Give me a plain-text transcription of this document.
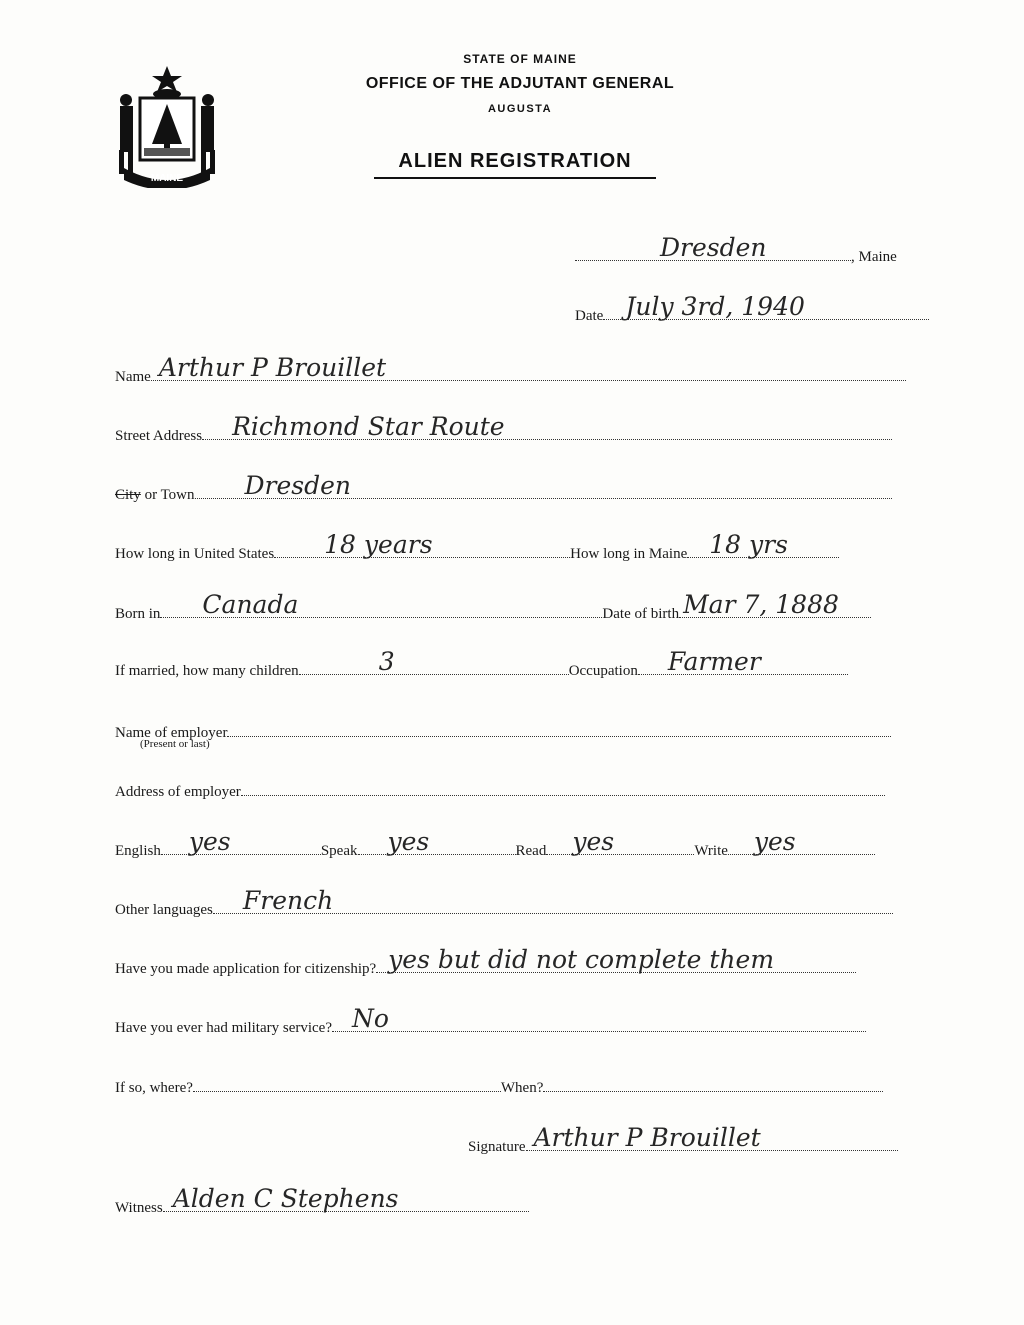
MAINE
STATE OF MAINE
OFFICE OF THE ADJUTANT GENERAL
AUGUSTA
ALIEN REGISTRATION
Dresden	, Maine
Date July 3rd, 1940
Name Arthur P Brouillet
Street Address Richmond Star Route
City or Town Dresden
How long in United States 18 years	How long in Maine 18 yrs
Born in Canada	Date of birth Mar 7, 1888
If married, how many children	3	Occupation Farmer
Name of employer
(Present or last)
Address of employer
English yes	Speak yes	Read yes	Write yes
Other languages French
Have you made application for citizenship? yes but did not complete them
Have you ever had military service? No
If so, where?	When?
Signature Arthur P Brouillet
Witness Alden C Stephens
